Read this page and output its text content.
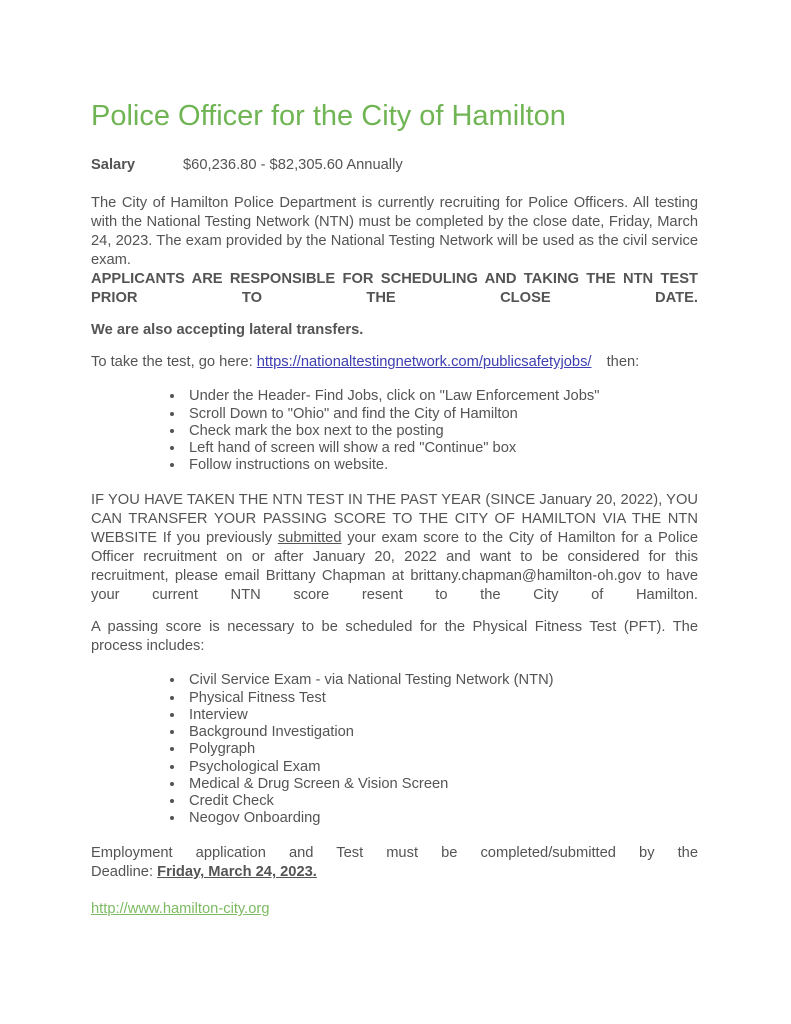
Police Officer for the City of Hamilton
Salary	$60,236.80 - $82,305.60 Annually

The City of Hamilton Police Department is currently recruiting for Police Officers. All testing with the National Testing Network (NTN) must be completed by the close date, Friday, March 24, 2023. The exam provided by the National Testing Network will be used as the civil service exam.

APPLICANTS ARE RESPONSIBLE FOR SCHEDULING AND TAKING THE NTN TEST
PRIOR TO THE CLOSE DATE.

We are also accepting lateral transfers.

To take the test, go here: https://nationaltestingnetwork.com/publicsafetyjobs/ then:

• Under the Header- Find Jobs, click on "Law Enforcement Jobs"
• Scroll Down to "Ohio" and find the City of Hamilton
• Check mark the box next to the posting
• Left hand of screen will show a red "Continue" box
• Follow instructions on website.

IF YOU HAVE TAKEN THE NTN TEST IN THE PAST YEAR (SINCE January 20, 2022), YOU CAN TRANSFER YOUR PASSING SCORE TO THE CITY OF HAMILTON VIA THE NTN WEBSITE If you previously submitted your exam score to the City of Hamilton for a Police Officer recruitment on or after January 20, 2022 and want to be considered for this recruitment, please email Brittany Chapman at brittany.chapman@hamilton-oh.gov to have your current NTN score resent to the City of Hamilton.

A passing score is necessary to be scheduled for the Physical Fitness Test (PFT). The process includes:

• Civil Service Exam - via National Testing Network (NTN)
• Physical Fitness Test
• Interview
• Background Investigation
• Polygraph
• Psychological Exam
• Medical & Drug Screen & Vision Screen
• Credit Check
• Neogov Onboarding
Employment application and Test must be completed/submitted by the
Deadline: Friday, March 24, 2023.

http://www.hamilton-city.org
